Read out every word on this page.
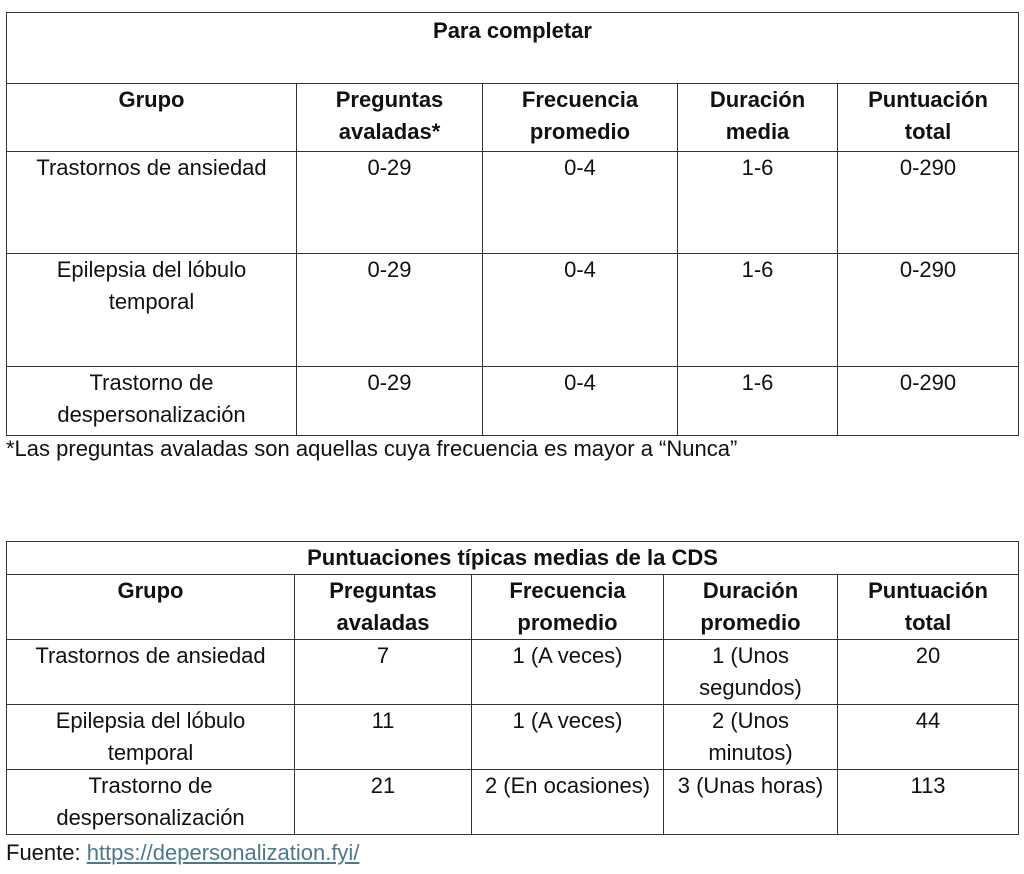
Para completar				
Grupo	Preguntas avaladas*	Frecuencia promedio	Duración media	Puntuación total
Trastornos de ansiedad	0-29	0-4	1-6	0-290
Epilepsia del lóbulo temporal	0-29	0-4	1-6	0-290
Trastorno de despersonalización	0-29	0-4	1-6	0-290

*Las preguntas avaladas son aquellas cuya frecuencia es mayor a “Nunca”

Puntuaciones típicas medias de la CDS				
Grupo	Preguntas avaladas	Frecuencia promedio	Duración promedio	Puntuación total
Trastornos de ansiedad	7	1 (A veces)	1 (Unos segundos)	20
Epilepsia del lóbulo temporal	11	1 (A veces)	2 (Unos minutos)	44
Trastorno de despersonalización	21	2 (En ocasiones)	3 (Unas horas)	113

Fuente: https://depersonalization.fyi/
